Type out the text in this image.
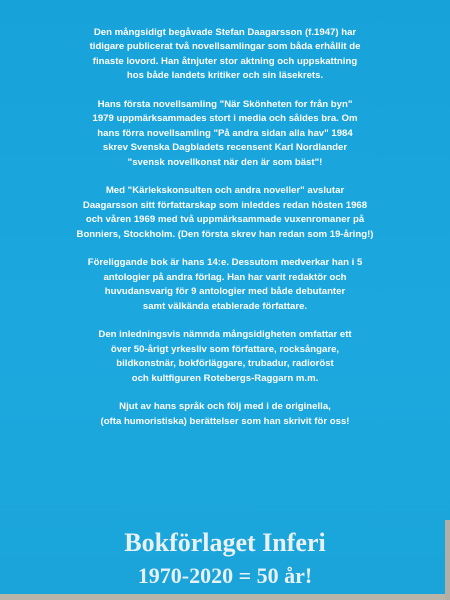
Den mångsidigt begåvade Stefan Daagarsson (f.1947) har
tidigare publicerat två novellsamlingar som båda erhållit de
finaste lovord. Han åtnjuter stor aktning och uppskattning
hos både landets kritiker och sin läsekrets.

Hans första novellsamling "När Skönheten for från byn"
1979 uppmärksammades stort i media och såldes bra. Om
hans förra novellsamling "På andra sidan alla hav" 1984
skrev Svenska Dagbladets recensent Karl Nordlander
"svensk novellkonst när den är som bäst"!

Med "Kärlekskonsulten och andra noveller" avslutar
Daagarsson sitt författarskap som inleddes redan hösten 1968
och våren 1969 med två uppmärksammade vuxenromaner på
Bonniers, Stockholm. (Den första skrev han redan som 19-åring!)

Föreliggande bok är hans 14:e. Dessutom medverkar han i 5
antologier på andra förlag. Han har varit redaktör och
huvudansvarig för 9 antologier med både debutanter
samt välkända etablerade författare.

Den inledningsvis nämnda mångsidigheten omfattar ett
över 50-årigt yrkesliv som författare, rocksångare,
bildkonstnär, bokförläggare, trubadur, radioröst
och kultfiguren Rotebergs-Raggarn m.m.

Njut av hans språk och följ med i de originella,
(ofta humoristiska) berättelser som han skrivit för oss!

Bokförlaget Inferi
1970-2020 = 50 år!
